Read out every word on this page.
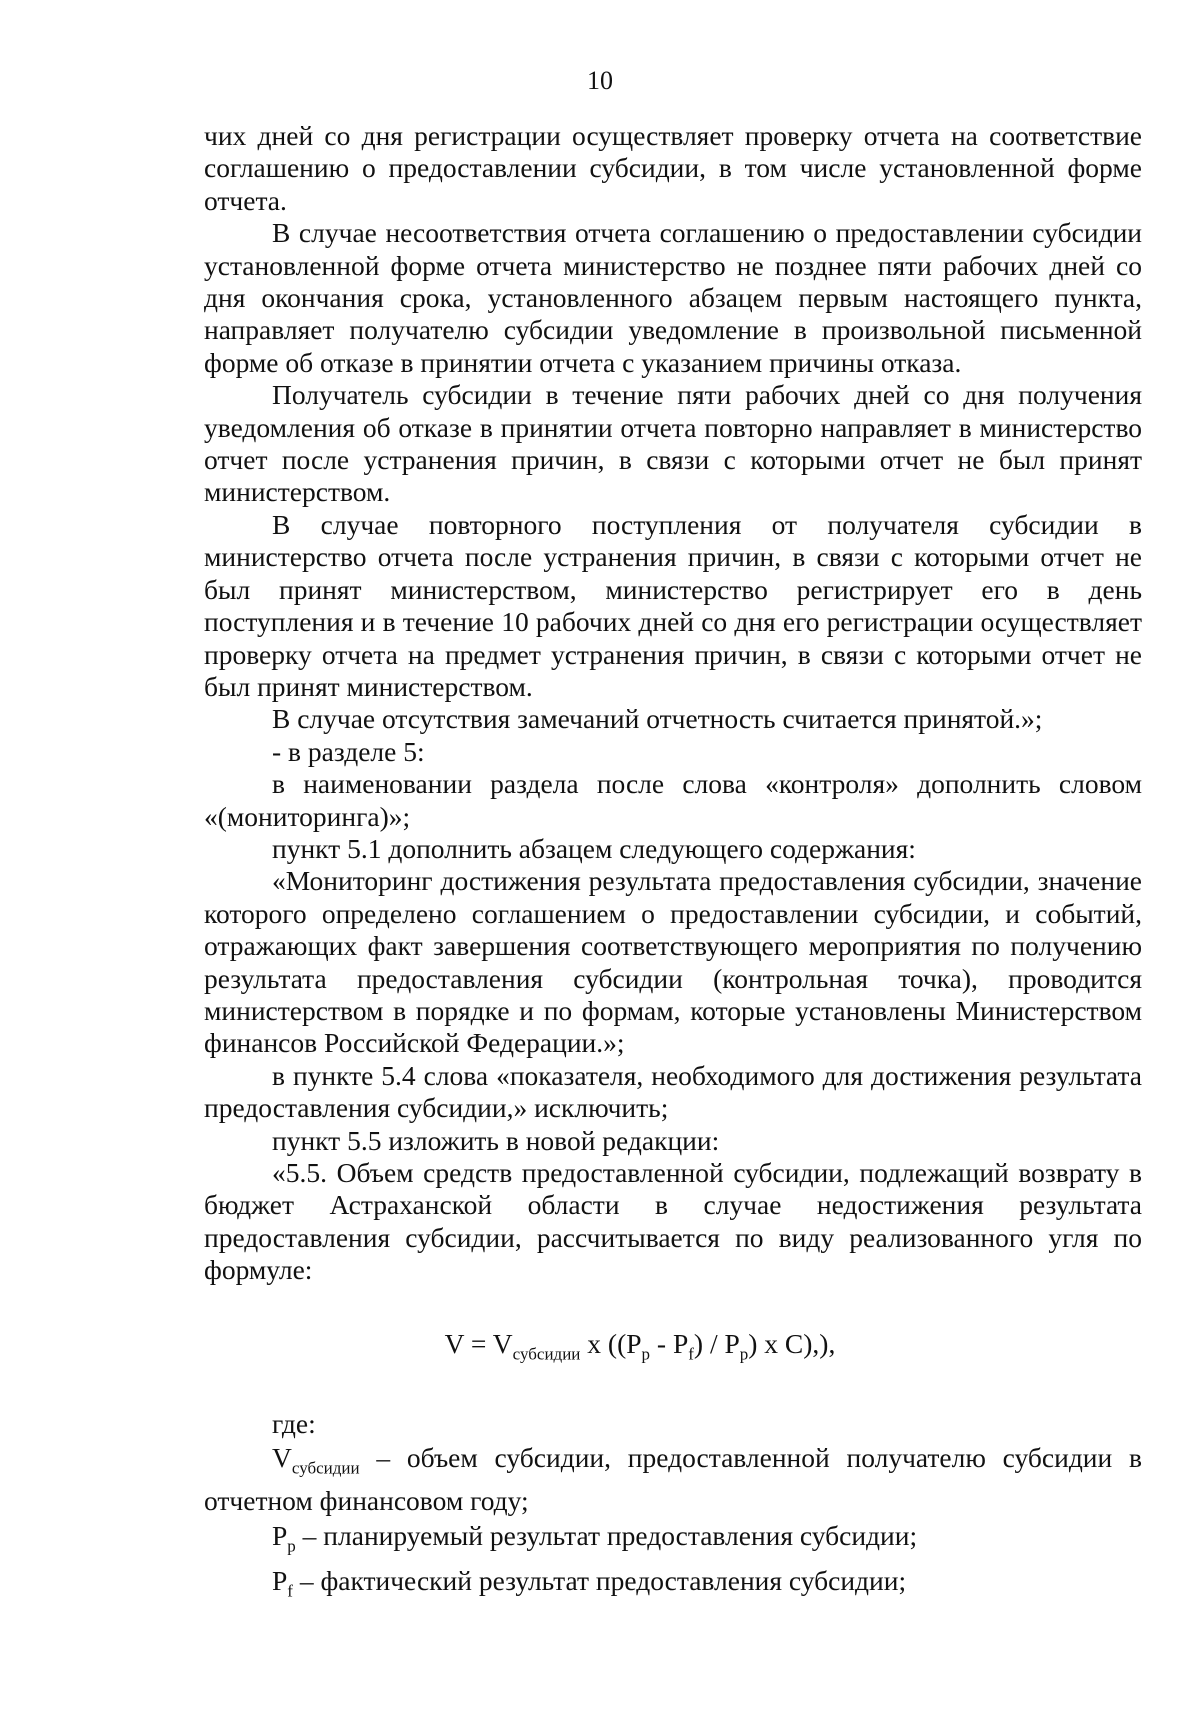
10

чих дней со дня регистрации осуществляет проверку отчета на соответствие соглашению о предоставлении субсидии, в том числе установленной форме отчета.

В случае несоответствия отчета соглашению о предоставлении субсидии установленной форме отчета министерство не позднее пяти рабочих дней со дня окончания срока, установленного абзацем первым настоящего пункта, направляет получателю субсидии уведомление в произвольной письменной форме об отказе в принятии отчета с указанием причины отказа.

Получатель субсидии в течение пяти рабочих дней со дня получения уведомления об отказе в принятии отчета повторно направляет в министерство отчет после устранения причин, в связи с которыми отчет не был принят министерством.

В случае повторного поступления от получателя субсидии в министерство отчета после устранения причин, в связи с которыми отчет не был принят министерством, министерство регистрирует его в день поступления и в течение 10 рабочих дней со дня его регистрации осуществляет проверку отчета на предмет устранения причин, в связи с которыми отчет не был принят министерством.

В случае отсутствия замечаний отчетность считается принятой.»;

- в разделе 5:

в наименовании раздела после слова «контроля» дополнить словом «(мониторинга)»;

пункт 5.1 дополнить абзацем следующего содержания:

«Мониторинг достижения результата предоставления субсидии, значение которого определено соглашением о предоставлении субсидии, и событий, отражающих факт завершения соответствующего мероприятия по получению результата предоставления субсидии (контрольная точка), проводится министерством в порядке и по формам, которые установлены Министерством финансов Российской Федерации.»;

в пункте 5.4 слова «показателя, необходимого для достижения результата предоставления субсидии,» исключить;

пункт 5.5 изложить в новой редакции:

«5.5. Объем средств предоставленной субсидии, подлежащий возврату в бюджет Астраханской области в случае недостижения результата предоставления субсидии, рассчитывается по виду реализованного угля по формуле:

$V = V_{субсидии}$ x $((P_p - P_f) / P_p)$ x C),),

где:

$V_{субсидии}$ – объем субсидии, предоставленной получателю субсидии в отчетном финансовом году;

$P_p$ – планируемый результат предоставления субсидии;

$P_f$ – фактический результат предоставления субсидии;
